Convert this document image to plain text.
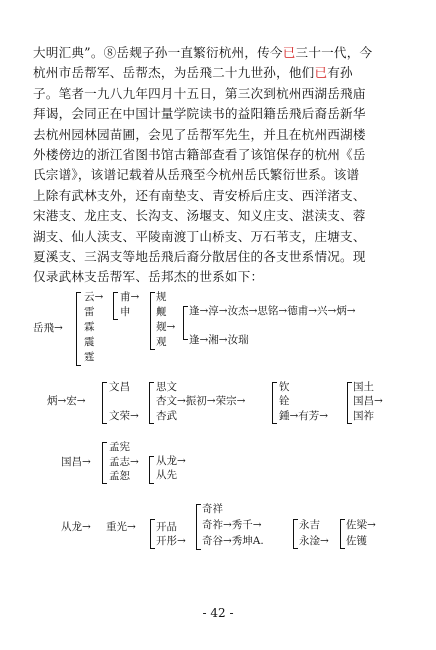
大明汇典”。⑧岳觌子孙一直繁衍杭州，传今已三十一代，今
杭州市岳帮军、岳帮杰，为岳飛二十九世孙，他们已有孙
子。笔者一九八九年四月十五日，第三次到杭州西湖岳飛庙
拜谒，会同正在中国计量学院读书的益阳籍岳飛后裔岳新华
去杭州园林园苗圃，会见了岳帮军先生，并且在杭州西湖楼
外楼傍边的浙江省图书馆古籍部查看了该馆保存的杭州《岳
氏宗谱》，该谱记载着从岳飛至今杭州岳氏繁衍世系。该谱
上除有武林支外，还有南垫支、青安桥后庄支、西洋渚支、
宋港支、龙庄支、长沟支、汤堰支、知义庄支、湛渎支、蓉
湖支、仙人渎支、平陵南渡丁山桥支、万石苇支，庄塘支、
夏溪支、三涡支等地岳飛后裔分散居住的各支世系情况。现
仅录武林支岳帮军、岳邦杰的世系如下：
岳飛→
云→
雷
霖
震
霆
甫→
申
规
觍
觌→
观
逢→淳→汝杰→思铭→德甫→兴→炳→
逢→湘→汝瑞
炳→宏→
文昌
文荣→
思文
杏文→振初→荣宗→
杏武
钦
铨
鍾→有芳→
国土
国昌→
国祚
国昌→
孟宪
孟志→
孟恕
从龙→
从先
从龙→ 重光→ 开品
开彤→
奇祥
奇祚→秀千→
奇谷→秀坤A.
永吉
永淦→
佐梁→
佐镬
- 42 -
